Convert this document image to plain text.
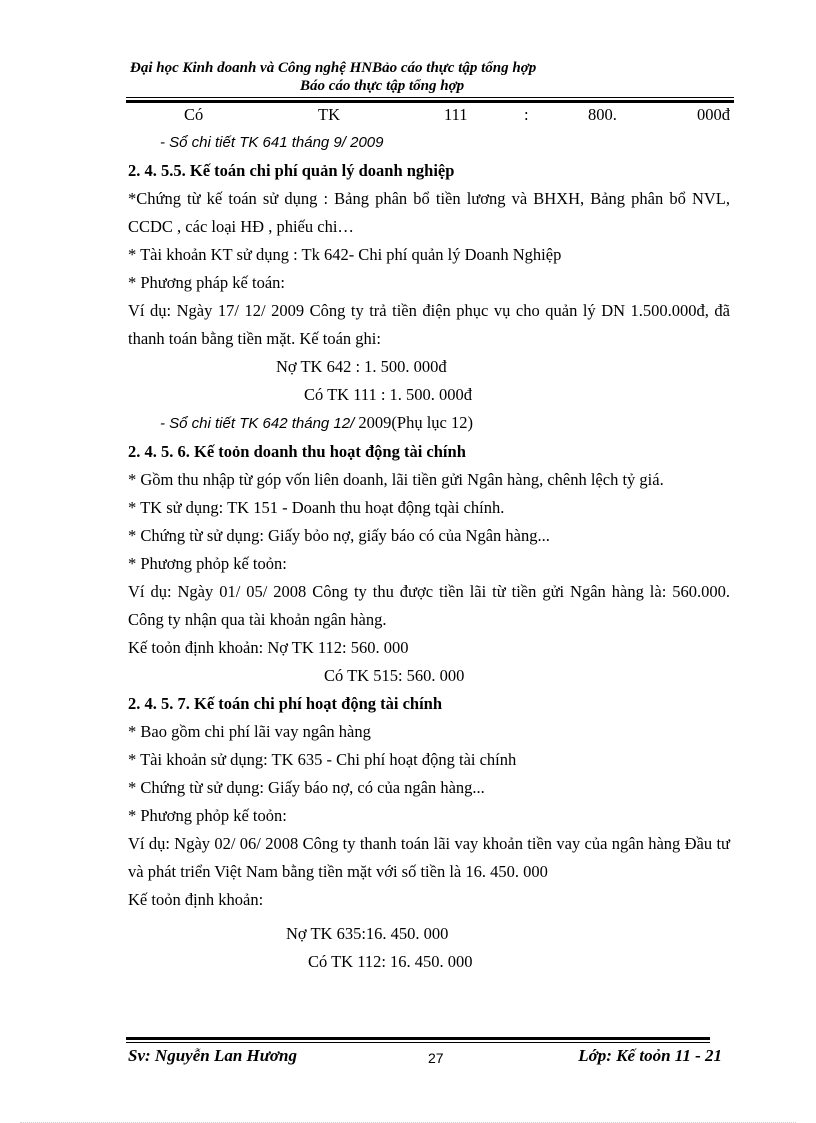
Đại học Kinh doanh và Công nghệ HNBảo cáo thực tập tổng hợp
Báo cáo thực tập tổng hợp
Có	TK	111	:	800.	000đ

- Sổ chi tiết TK 641 tháng 9/ 2009

2. 4. 5.5. Kế toán chi phí quản lý doanh nghiệp

*Chứng từ kế toán sử dụng : Bảng phân bổ tiền lương và BHXH, Bảng phân bổ NVL, CCDC , các loại HĐ , phiếu chi…

* Tài khoản KT sử dụng : Tk 642- Chi phí quản lý Doanh Nghiệp

* Phương pháp kế toán:

Ví dụ: Ngày 17/ 12/ 2009 Công ty trả tiền điện phục vụ cho quản lý DN 1.500.000đ, đã thanh toán bằng tiền mặt. Kế toán ghi:

Nợ TK 642 : 1. 500. 000đ

Có TK 111 : 1. 500. 000đ

- Sổ chi tiết TK 642 tháng 12/ 2009(Phụ lục 12)

2. 4. 5. 6. Kế toỏn doanh thu hoạt động tài chính

* Gồm thu nhập từ góp vốn liên doanh, lãi tiền gửi Ngân hàng, chênh lệch tỷ giá.

* TK sử dụng: TK 151 - Doanh thu hoạt động tqài chính.

* Chứng từ sử dụng: Giấy bỏo nợ, giấy báo có của Ngân hàng...

* Phương phỏp kế toỏn:

Ví dụ: Ngày 01/ 05/ 2008 Công ty thu được tiền lãi từ tiền gửi Ngân hàng là: 560.000. Công ty nhận qua tài khoản ngân hàng.

Kế toỏn định khoản: Nợ TK 112: 560. 000

Có TK 515: 560. 000

2. 4. 5. 7. Kế toán chi phí hoạt động tài chính

* Bao gồm chi phí lãi vay ngân hàng

* Tài khoản sử dụng: TK 635 - Chi phí hoạt động tài chính

* Chứng từ sử dụng: Giấy báo nợ, có của ngân hàng...

* Phương phỏp kế toỏn:

Ví dụ: Ngày 02/ 06/ 2008 Công ty thanh toán lãi vay khoản tiền vay của ngân hàng Đầu tư và phát triển Việt Nam bằng tiền mặt với số tiền là 16. 450. 000

Kế toỏn định khoản:

Nợ TK 635:16. 450. 000

Có TK 112: 16. 450. 000

Sv: Nguyễn Lan Hương	27	Lớp: Kế toỏn 11 - 21
